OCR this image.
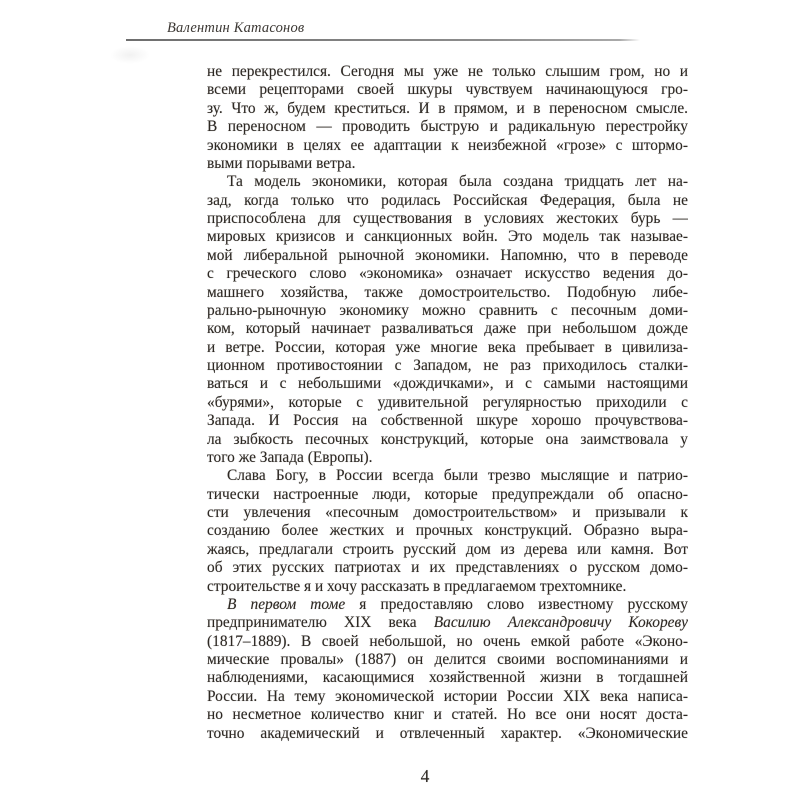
Валентин Катасонов
не перекрестился. Сегодня мы уже не только слышим гром, но и
всеми рецепторами своей шкуры чувствуем начинающуюся гро-
зу. Что ж, будем креститься. И в прямом, и в переносном смысле.
В переносном — проводить быструю и радикальную перестройку
экономики в целях ее адаптации к неизбежной «грозе» с штормо-
выми порывами ветра.
Та модель экономики, которая была создана тридцать лет на-
зад, когда только что родилась Российская Федерация, была не
приспособлена для существования в условиях жестоких бурь —
мировых кризисов и санкционных войн. Это модель так называе-
мой либеральной рыночной экономики. Напомню, что в переводе
с греческого слово «экономика» означает искусство ведения до-
машнего хозяйства, также домостроительство. Подобную либе-
рально-рыночную экономику можно сравнить с песочным доми-
ком, который начинает разваливаться даже при небольшом дожде
и ветре. России, которая уже многие века пребывает в цивилиза-
ционном противостоянии с Западом, не раз приходилось сталки-
ваться и с небольшими «дождичками», и с самыми настоящими
«бурями», которые с удивительной регулярностью приходили с
Запада. И Россия на собственной шкуре хорошо прочувствова-
ла зыбкость песочных конструкций, которые она заимствовала у
того же Запада (Европы).
Слава Богу, в России всегда были трезво мыслящие и патрио-
тически настроенные люди, которые предупреждали об опасно-
сти увлечения «песочным домостроительством» и призывали к
созданию более жестких и прочных конструкций. Образно выра-
жаясь, предлагали строить русский дом из дерева или камня. Вот
об этих русских патриотах и их представлениях о русском домо-
строительстве я и хочу рассказать в предлагаемом трехтомнике.
В первом томе я предоставляю слово известному русскому
предпринимателю XIX века Василию Александровичу Кокореву
(1817–1889). В своей небольшой, но очень емкой работе «Эконо-
мические провалы» (1887) он делится своими воспоминаниями и
наблюдениями, касающимися хозяйственной жизни в тогдашней
России. На тему экономической истории России XIX века написа-
но несметное количество книг и статей. Но все они носят доста-
точно академический и отвлеченный характер. «Экономические
4
